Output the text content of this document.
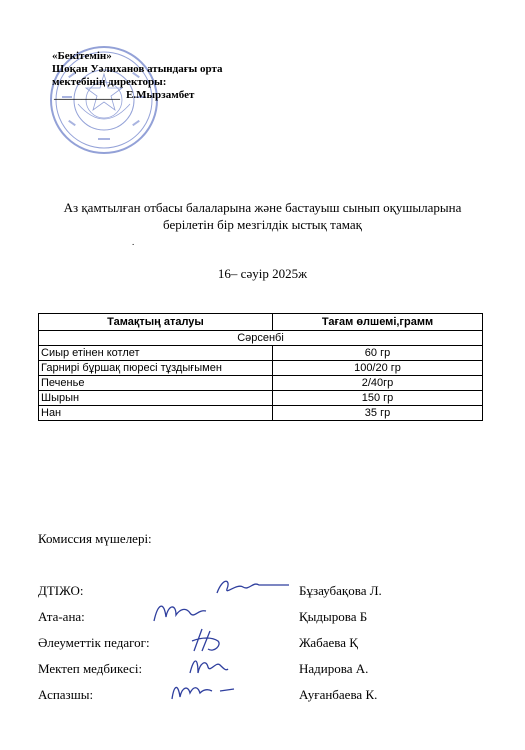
«Бекітемін»
Шоқан Уәлиханов атындағы орта
мектебінің директоры:
____________ Е.Мырзамбет
Аз қамтылған отбасы балаларына және бастауыш сынып оқушыларына
берілетін бір мезгілдік ыстық тамақ
.
16– сәуір 2025ж
Тамақтың аталуы	Тағам өлшемі,грамм
Сәрсенбі	
Сиыр етінен котлет	60 гр
Гарнирі бұршақ пюресі тұздығымен	100/20 гр
Печенье	2/40гр
Шырын	150 гр
Нан	35 гр
Комиссия мүшелері:
ДТІЖО:	Бұзаубақова Л.
Ата-ана:	Қыдырова Б
Әлеуметтік педагог:	Жабаева Қ
Мектеп медбикесі:	Надирова А.
Аспазшы:	Ауғанбаева К.
